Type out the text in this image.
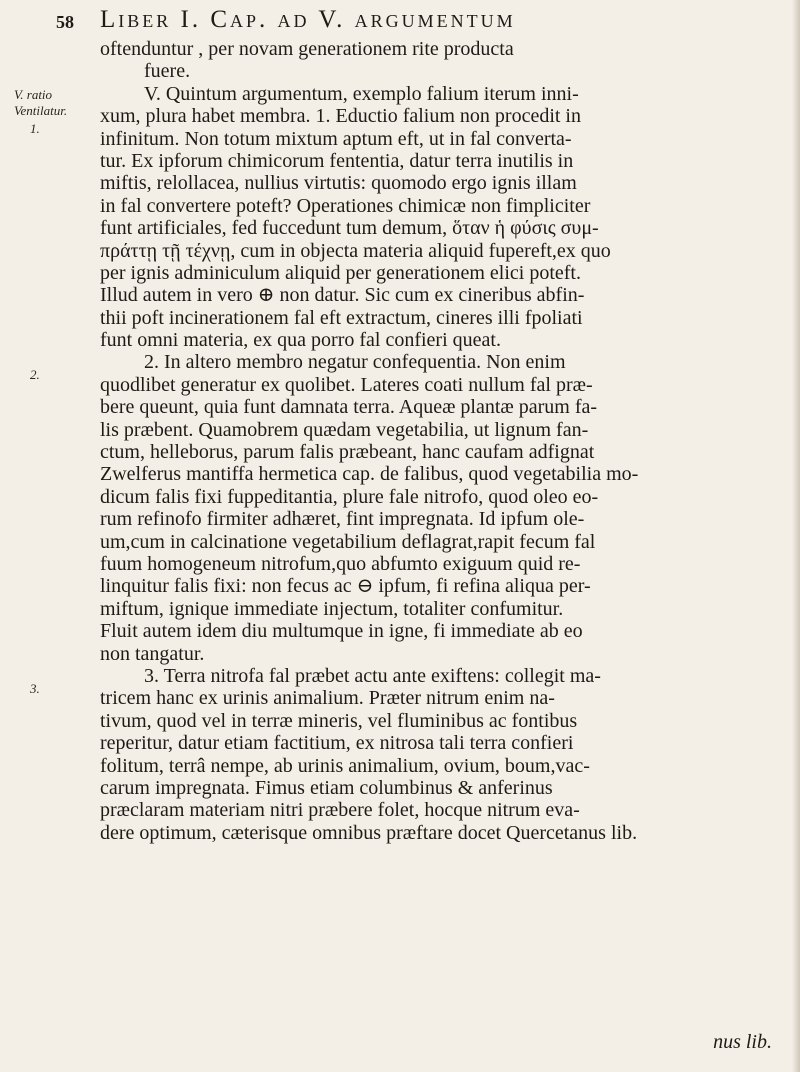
58 Liber I. Cap. ad V. argumentum
V. ratio
Ventilatur.
1.
2.
3.
oftenduntur , per novam generationem rite producta
fuere.
V. Quintum argumentum, exemplo falium iterum inni-
xum, plura habet membra. 1. Eductio falium non procedit in
infinitum. Non totum mixtum aptum eft, ut in fal converta-
tur. Ex ipforum chimicorum fententia, datur terra inutilis in
miftis, relollacea, nullius virtutis: quomodo ergo ignis illam
in fal convertere poteft? Operationes chimicæ non fimpliciter
funt artificiales, fed fuccedunt tum demum, ὅταν ἡ φύσις συμ-
πράττῃ τῇ τέχνῃ, cum in objecta materia aliquid fupereft,ex quo
per ignis adminiculum aliquid per generationem elici poteft.
Illud autem in vero ⊕ non datur. Sic cum ex cineribus abfin-
thii poft incinerationem fal eft extractum, cineres illi fpoliati
funt omni materia, ex qua porro fal confieri queat.
2. In altero membro negatur confequentia. Non enim
quodlibet generatur ex quolibet. Lateres coati nullum fal præ-
bere queunt, quia funt damnata terra. Aqueæ plantæ parum fa-
lis præbent. Quamobrem quædam vegetabilia, ut lignum fan-
ctum, helleborus, parum falis præbeant, hanc caufam adfignat
Zwelferus mantiffa hermetica cap. de falibus, quod vegetabilia mo-
dicum falis fixi fuppeditantia, plure fale nitrofo, quod oleo eo-
rum refinofo firmiter adhæret, fint impregnata. Id ipfum ole-
um,cum in calcinatione vegetabilium deflagrat,rapit fecum fal
fuum homogeneum nitrofum,quo abfumto exiguum quid re-
linquitur falis fixi: non fecus ac ⊖ ipfum, fi refina aliqua per-
miftum, ignique immediate injectum, totaliter confumitur.
Fluit autem idem diu multumque in igne, fi immediate ab eo
non tangatur.
3. Terra nitrofa fal præbet actu ante exiftens: collegit ma-
tricem hanc ex urinis animalium. Præter nitrum enim na-
tivum, quod vel in terræ mineris, vel fluminibus ac fontibus
reperitur, datur etiam factitium, ex nitrosa tali terra confieri
folitum, terrâ nempe, ab urinis animalium, ovium, boum,vac-
carum impregnata. Fimus etiam columbinus & anferinus
præclaram materiam nitri præbere folet, hocque nitrum eva-
dere optimum, cæterisque omnibus præftare docet Quercetanus lib.
nus lib.
